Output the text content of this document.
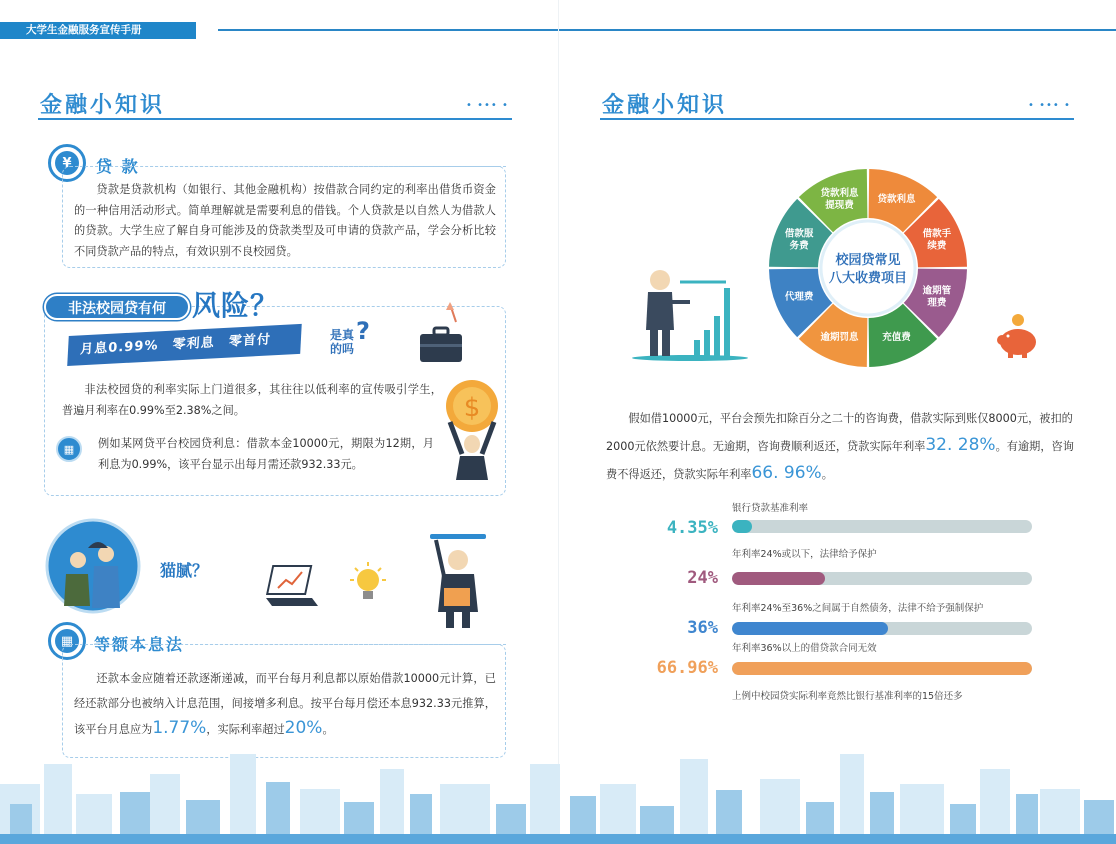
大学生金融服务宣传手册
金融小知识	• ••• •
¥	贷 款
贷款是贷款机构（如银行、其他金融机构）按借款合同约定的利率出借货币资金的一种信用活动形式。简单理解就是需要利息的借钱。个人贷款是以自然人为借款人的贷款。大学生应了解自身可能涉及的贷款类型及可申请的贷款产品，学会分析比较不同贷款产品的特点，有效识别不良校园贷。
非法校园贷有何 风险？
月息0.99%　零利息　零首付	是真的吗
?
$
非法校园贷的利率实际上门道很多，其往往以低利率的宣传吸引学生，普遍月利率在0.99%至2.38%之间。
▦	例如某网贷平台校园贷利息：借款本金10000元，期限为12期，月利息为0.99%，该平台显示出每月需还款932.33元。
猫腻？
▦	等额本息法
还款本金应随着还款逐渐递减，而平台每月利息都以原始借款10000元计算，已经还款部分也被纳入计息范围，间接增多利息。按平台每月偿还本息932.33元推算，该平台月息应为1.77%，实际利率超过20%。
金融小知识	• ••• •
贷款利息
借款手续费
逾期管理费
充值费
逾期罚息
代理费
借款服务费
贷款利息提现费
校园贷常见
八大收费项目
假如借10000元，平台会预先扣除百分之二十的咨询费，借款实际到账仅8000元，被扣的2000元依然要计息。无逾期，咨询费顺利返还，贷款实际年利率32. 28%。有逾期，咨询费不得返还，贷款实际年利率66. 96%。
银行贷款基准利率
4.35%
年利率24%或以下，法律给予保护
24%
年利率24%至36%之间属于自然债务，法律不给予强制保护
36%
年利率36%以上的借贷款合同无效
66.96%
上例中校园贷实际利率竟然比银行基准利率的15倍还多
